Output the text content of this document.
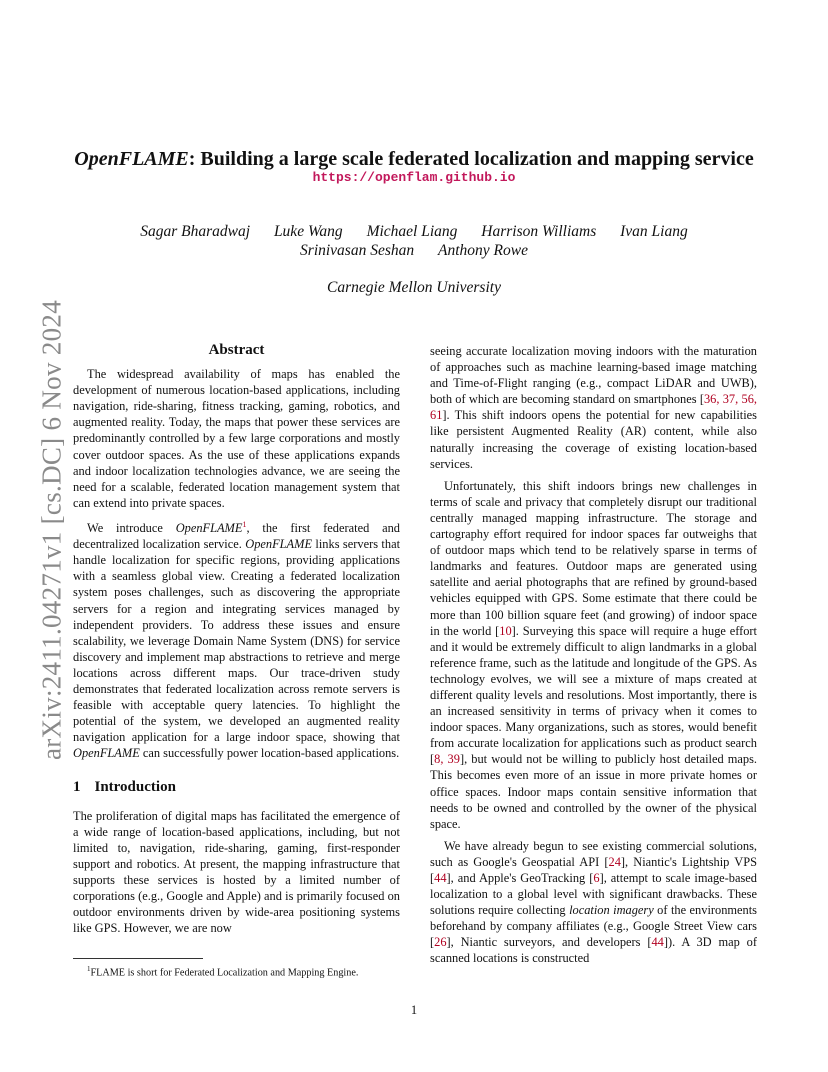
arXiv:2411.04271v1 [cs.DC] 6 Nov 2024
OpenFLAME: Building a large scale federated localization and mapping service
https://openflam.github.io
Sagar Bharadwaj Luke Wang Michael Liang Harrison Williams Ivan Liang
Srinivasan Seshan Anthony Rowe
Carnegie Mellon University
Abstract

The widespread availability of maps has enabled the development of numerous location-based applications, including navigation, ride-sharing, fitness tracking, gaming, robotics, and augmented reality. Today, the maps that power these services are predominantly controlled by a few large corporations and mostly cover outdoor spaces. As the use of these applications expands and indoor localization technologies advance, we are seeing the need for a scalable, federated location management system that can extend into private spaces.

We introduce OpenFLAME$^1$, the first federated and decentralized localization service. OpenFLAME links servers that handle localization for specific regions, providing applications with a seamless global view. Creating a federated localization system poses challenges, such as discovering the appropriate servers for a region and integrating services managed by independent providers. To address these issues and ensure scalability, we leverage Domain Name System (DNS) for service discovery and implement map abstractions to retrieve and merge locations across different maps. Our trace-driven study demonstrates that federated localization across remote servers is feasible with acceptable query latencies. To highlight the potential of the system, we developed an augmented reality navigation application for a large indoor space, showing that OpenFLAME can successfully power location-based applications.

1 Introduction

The proliferation of digital maps has facilitated the emergence of a wide range of location-based applications, including, but not limited to, navigation, ride-sharing, gaming, first-responder support and robotics. At present, the mapping infrastructure that supports these services is hosted by a limited number of corporations (e.g., Google and Apple) and is primarily focused on outdoor environments driven by wide-area positioning systems like GPS. However, we are now

seeing accurate localization moving indoors with the maturation of approaches such as machine learning-based image matching and Time-of-Flight ranging (e.g., compact LiDAR and UWB), both of which are becoming standard on smartphones [36, 37, 56, 61]. This shift indoors opens the potential for new capabilities like persistent Augmented Reality (AR) content, while also naturally increasing the coverage of existing location-based services.

Unfortunately, this shift indoors brings new challenges in terms of scale and privacy that completely disrupt our traditional centrally managed mapping infrastructure. The storage and cartography effort required for indoor spaces far outweighs that of outdoor maps which tend to be relatively sparse in terms of landmarks and features. Outdoor maps are generated using satellite and aerial photographs that are refined by ground-based vehicles equipped with GPS. Some estimate that there could be more than 100 billion square feet (and growing) of indoor space in the world [10]. Surveying this space will require a huge effort and it would be extremely difficult to align landmarks in a global reference frame, such as the latitude and longitude of the GPS. As technology evolves, we will see a mixture of maps created at different quality levels and resolutions. Most importantly, there is an increased sensitivity in terms of privacy when it comes to indoor spaces. Many organizations, such as stores, would benefit from accurate localization for applications such as product search [8, 39], but would not be willing to publicly host detailed maps. This becomes even more of an issue in more private homes or office spaces. Indoor maps contain sensitive information that needs to be owned and controlled by the owner of the physical space.

We have already begun to see existing commercial solutions, such as Google's Geospatial API [24], Niantic's Lightship VPS [44], and Apple's GeoTracking [6], attempt to scale image-based localization to a global level with significant drawbacks. These solutions require collecting location imagery of the environments beforehand by company affiliates (e.g., Google Street View cars [26], Niantic surveyors, and developers [44]). A 3D map of scanned locations is constructed

$^1$FLAME is short for Federated Localization and Mapping Engine.
1
